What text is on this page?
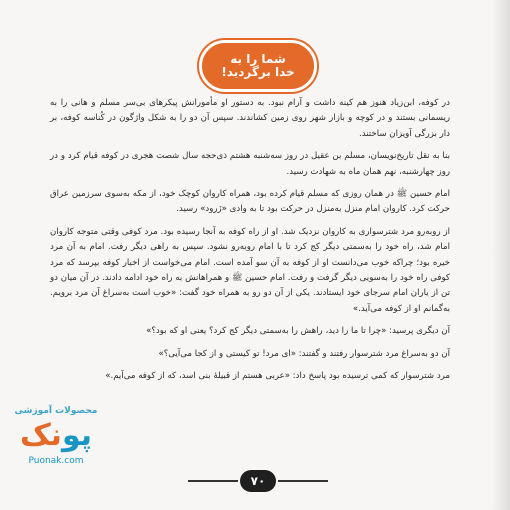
شما را به
خدا برگردید!

در کوفه، ابن‌زیاد هنوز هم کینه داشت و آرام نبود. به دستور او مأمورانش پیکرهای بی‌سر مسلم و هانی را به ریسمانی بستند و در کوچه و بازار شهر روی زمین کشاندند. سپس آن دو را به شکل واژگون در کُناسه کوفه، بر دار بزرگی آویزان ساختند.

بنا به نقل تاریخ‌نویسان، مسلم بن عقیل در روز سه‌شنبه هشتم ذی‌حجه سال شصت هجری در کوفه قیام کرد و در روز چهارشنبه، نهم همان ماه به شهادت رسید.

امام حسین ﷺ در همان روزی که مسلم قیام کرده بود، همراه کاروان کوچک خود، از مکه به‌سوی سرزمین عراق حرکت کرد. کاروان امام منزل به‌منزل در حرکت بود تا به وادی «زَرود» رسید.

از روبه‌رو مرد شترسواری به کاروان نزدیک شد. او از راه کوفه به آنجا رسیده بود. مرد کوفی وقتی متوجه کاروان امام شد، راه خود را به‌سمتی دیگر کج کرد تا با امام روبه‌رو نشود. سپس به راهی دیگر رفت. امام به آن مرد خیره بود؛ چراکه خوب می‌دانست او از کوفه به آن سو آمده است. امام می‌خواست از اخبار کوفه بپرسد که مرد کوفی راه خود را به‌سویی دیگر گرفت و رفت. امام حسین ﷺ و همراهانش به راه خود ادامه دادند. در آن میان دو تن از یاران امام سرجای خود ایستادند. یکی از آن دو رو به همراه خود گفت: «خوب است به‌سراغ آن مرد برویم. به‌گمانم او از کوفه می‌آید.»

آن دیگری پرسید: «چرا تا ما را دید، راهش را به‌سمتی دیگر کج کرد؟ یعنی او که بود؟»

آن دو به‌سراغ مرد شترسوار رفتند و گفتند: «ای مرد! تو کیستی و از کجا می‌آیی؟»

مرد شترسوار که کمی ترسیده بود پاسخ داد: «عربی هستم از قبیلهٔ بنی اسد، که از کوفه می‌آیم.»

۷۰
محصولات آموزشی
پونک
Puonak.com
